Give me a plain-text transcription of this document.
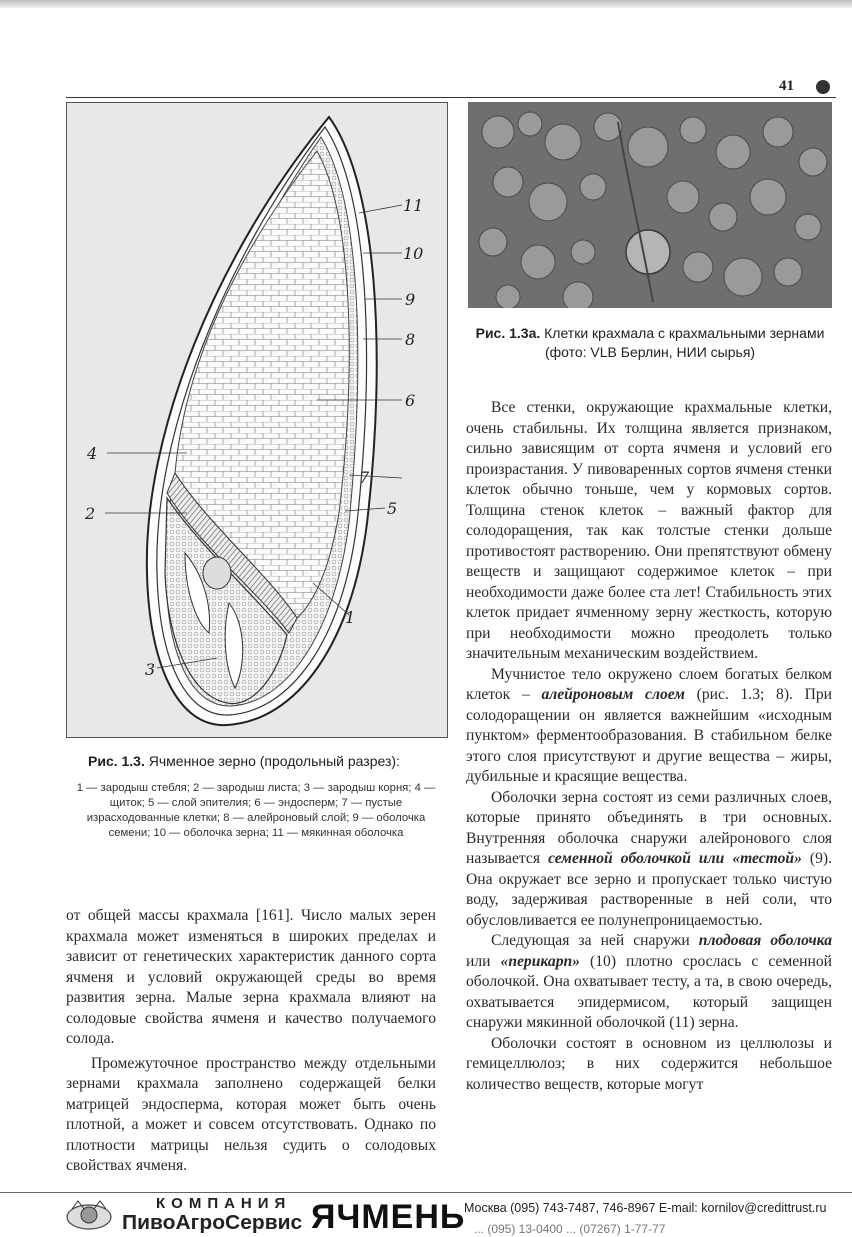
41
11
10
9
8
6
7
5
1
4
2
3
Рис. 1.3. Ячменное зерно (продольный разрез):
1 — зародыш стебля; 2 — зародыш листа; 3 — зародыш корня; 4 — щиток; 5 — слой эпителия; 6 — эндосперм; 7 — пустые израсходованные клетки; 8 — алейроновый слой; 9 — оболочка семени; 10 — оболочка зерна; 11 — мякинная оболочка
Рис. 1.3а. Клетки крахмала с крахмальными зернами (фото: VLB Берлин, НИИ сырья)

от общей массы крахмала [161]. Число малых зерен крахмала может изменяться в широких пределах и зависит от генетических характеристик данного сорта ячменя и условий окружающей среды во время развития зерна. Малые зерна крахмала влияют на солодовые свойства ячменя и качество получаемого солода.

Промежуточное пространство между отдельными зернами крахмала заполнено содержащей белки матрицей эндосперма, которая может быть очень плотной, а может и совсем отсутствовать. Однако по плотности матрицы нельзя судить о солодовых свойствах ячменя.

Все стенки, окружающие крахмальные клетки, очень стабильны. Их толщина является признаком, сильно зависящим от сорта ячменя и условий его произрастания. У пивоваренных сортов ячменя стенки клеток обычно тоньше, чем у кормовых сортов. Толщина стенок клеток – важный фактор для солодоращения, так как толстые стенки дольше противостоят растворению. Они препятствуют обмену веществ и защищают содержимое клеток – при необходимости даже более ста лет! Стабильность этих клеток придает ячменному зерну жесткость, которую при необходимости можно преодолеть только значительным механическим воздействием.

Мучнистое тело окружено слоем богатых белком клеток – алейроновым слоем (рис. 1.3; 8). При солодоращении он является важнейшим «исходным пунктом» ферментообразования. В стабильном белке этого слоя присутствуют и другие вещества – жиры, дубильные и красящие вещества.

Оболочки зерна состоят из семи различных слоев, которые принято объединять в три основных. Внутренняя оболочка снаружи алейронового слоя называется семенной оболочкой или «тестой» (9). Она окружает все зерно и пропускает только чистую воду, задерживая растворенные в ней соли, что обусловливается ее полунепроницаемостью.

Следующая за ней снаружи плодовая оболочка или «перикарп» (10) плотно срослась с семенной оболочкой. Она охватывает тесту, а та, в свою очередь, охватывается эпидермисом, который защищен снаружи мякинной оболочкой (11) зерна.

Оболочки состоят в основном из целлюлозы и гемицеллюлоз; в них содержится небольшое количество веществ, которые могут

КОМПАНИЯ
ПивоАгроСервис ЯЧМЕНЬ
Москва (095) 743-7487, 746-8967 E-mail: kornilov@credittrust.ru
... (095) 13-0400 ... (07267) 1-77-77
